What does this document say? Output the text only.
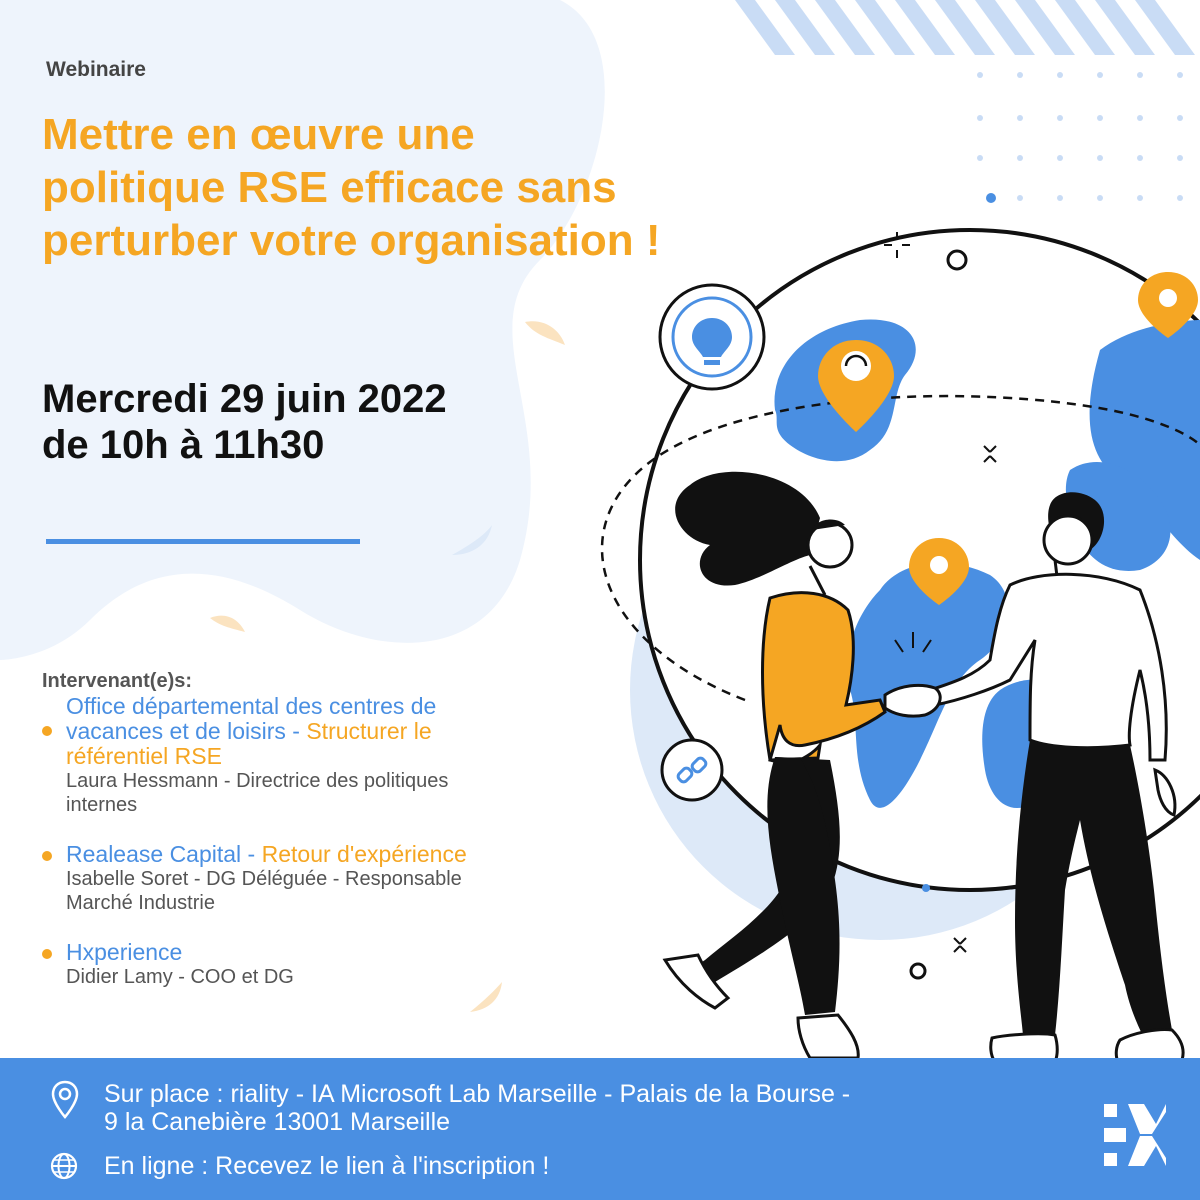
Webinaire
Mettre en œuvre une
politique RSE efficace sans
perturber votre organisation !
Mercredi 29 juin 2022
de 10h à 11h30
Intervenant(e)s:
Office départemental des centres de
vacances et de loisirs - Structurer le
référentiel RSE
Laura Hessmann - Directrice des politiques
internes
Realease Capital - Retour d'expérience
Isabelle Soret - DG Déléguée - Responsable
Marché Industrie
Hxperience
Didier Lamy - COO et DG
Sur place : riality - IA Microsoft Lab Marseille - Palais de la Bourse -
9 la Canebière 13001 Marseille
En ligne : Recevez le lien à l'inscription !
